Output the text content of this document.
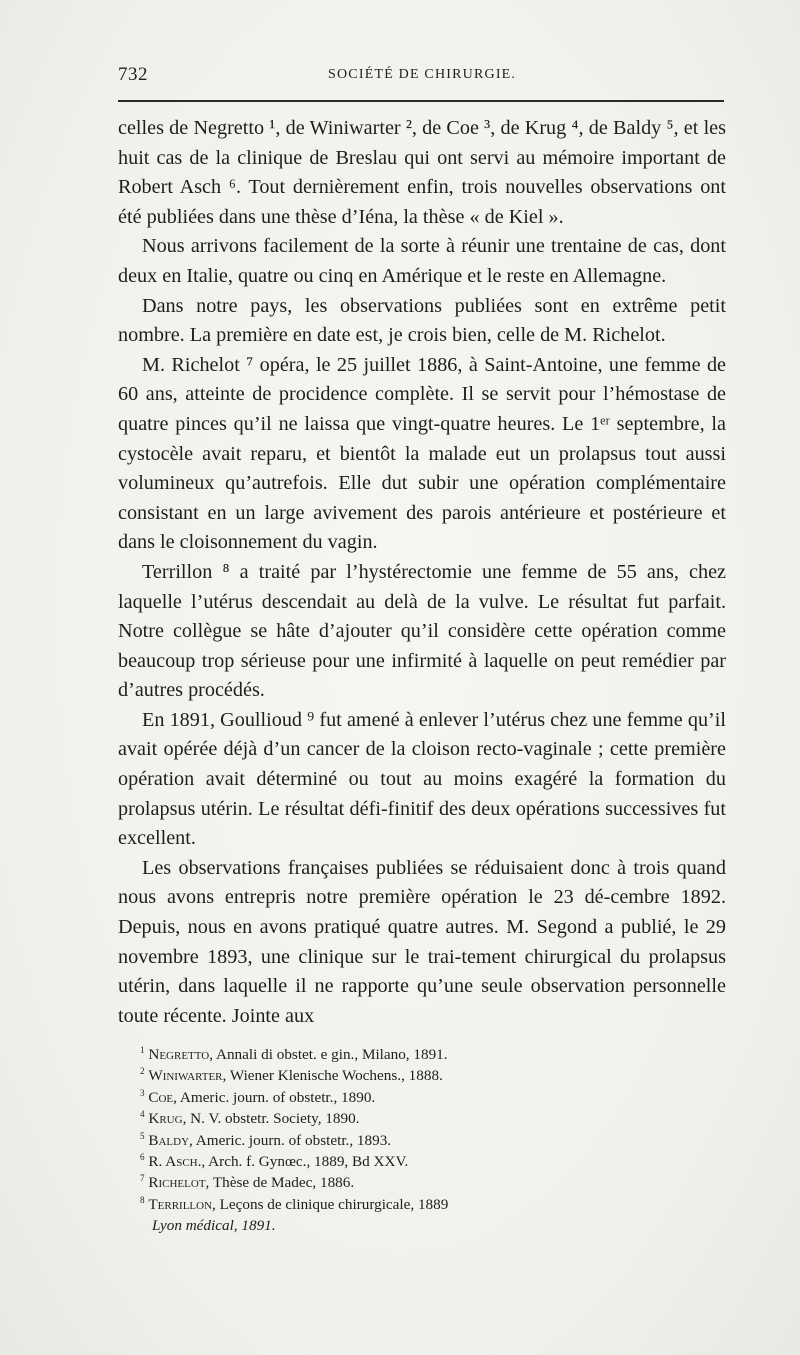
732	SOCIÉTÉ DE CHIRURGIE.

celles de Negretto ¹, de Winiwarter ², de Coe ³, de Krug ⁴, de Baldy ⁵, et les huit cas de la clinique de Breslau qui ont servi au mémoire important de Robert Asch ⁶. Tout dernièrement enfin, trois nouvelles observations ont été publiées dans une thèse d’Iéna, la thèse « de Kiel ».

Nous arrivons facilement de la sorte à réunir une trentaine de cas, dont deux en Italie, quatre ou cinq en Amérique et le reste en Allemagne.

Dans notre pays, les observations publiées sont en extrême petit nombre. La première en date est, je crois bien, celle de M. Richelot.

M. Richelot ⁷ opéra, le 25 juillet 1886, à Saint-Antoine, une femme de 60 ans, atteinte de procidence complète. Il se servit pour l’hémostase de quatre pinces qu’il ne laissa que vingt-quatre heures. Le 1ᵉʳ septembre, la cystocèle avait reparu, et bientôt la malade eut un prolapsus tout aussi volumineux qu’autrefois. Elle dut subir une opération complémentaire consistant en un large avivement des parois antérieure et postérieure et dans le cloisonnement du vagin.

Terrillon ⁸ a traité par l’hystérectomie une femme de 55 ans, chez laquelle l’utérus descendait au delà de la vulve. Le résultat fut parfait. Notre collègue se hâte d’ajouter qu’il considère cette opération comme beaucoup trop sérieuse pour une infirmité à laquelle on peut remédier par d’autres procédés.

En 1891, Goullioud ⁹ fut amené à enlever l’utérus chez une femme qu’il avait opérée déjà d’un cancer de la cloison recto-vaginale ; cette première opération avait déterminé ou tout au moins exagéré la formation du prolapsus utérin. Le résultat défi-finitif des deux opérations successives fut excellent.

Les observations françaises publiées se réduisaient donc à trois quand nous avons entrepris notre première opération le 23 dé-cembre 1892. Depuis, nous en avons pratiqué quatre autres. M. Segond a publié, le 29 novembre 1893, une clinique sur le trai-tement chirurgical du prolapsus utérin, dans laquelle il ne rapporte qu’une seule observation personnelle toute récente. Jointe aux

$^1$ Negretto, Annali di obstet. e gin., Milano, 1891.
$^2$ Winiwarter, Wiener Klenische Wochens., 1888.
$^3$ Coe, Americ. journ. of obstetr., 1890.
$^4$ Krug, N. V. obstetr. Society, 1890.
$^5$ Baldy, Americ. journ. of obstetr., 1893.
$^6$ R. Asch., Arch. f. Gynœc., 1889, Bd XXV.
$^7$ Richelot, Thèse de Madec, 1886.
$^8$ Terrillon, Leçons de clinique chirurgicale, 1889
Lyon médical, 1891.
